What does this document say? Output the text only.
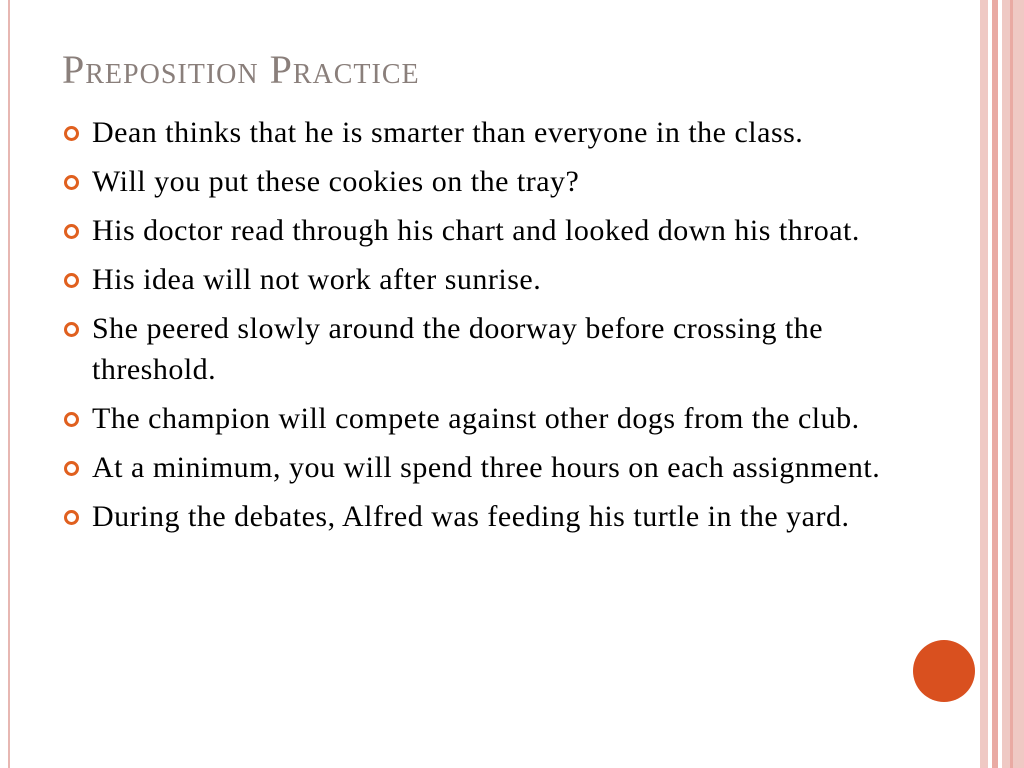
Preposition Practice
Dean thinks that he is smarter than everyone in the class.
Will you put these cookies on the tray?
His doctor read through his chart and looked down his throat.
His idea will not work after sunrise.
She peered slowly around the doorway before crossing the threshold.
The champion will compete against other dogs from the club.
At a minimum, you will spend three hours on each assignment.
During the debates, Alfred was feeding his turtle in the yard.
